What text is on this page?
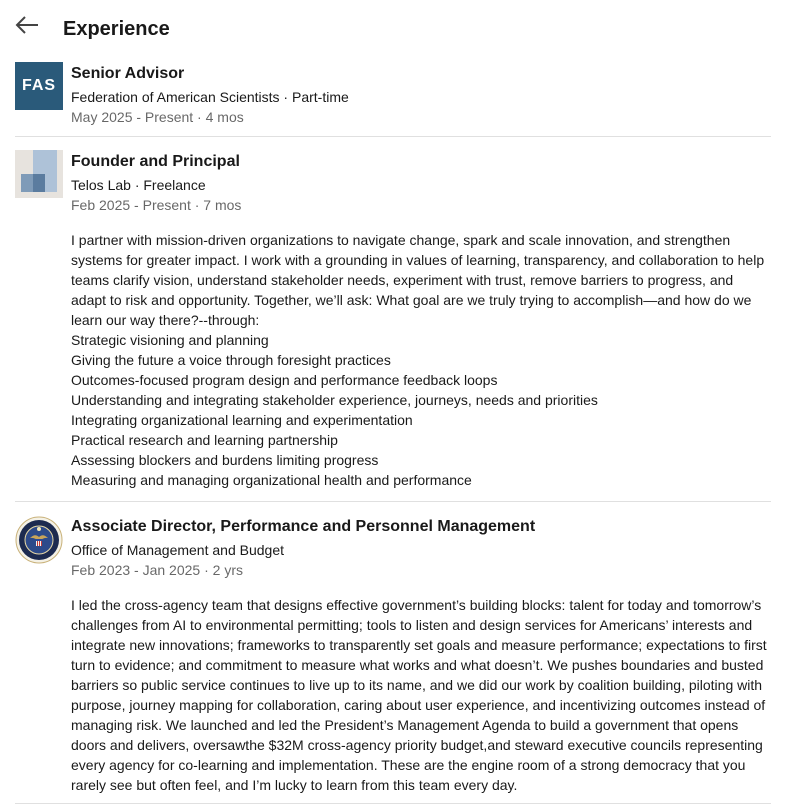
Experience
FAS
Senior Advisor
Federation of American Scientists · Part-time
May 2025 - Present · 4 mos
Founder and Principal
Telos Lab · Freelance
Feb 2025 - Present · 7 mos
I partner with mission-driven organizations to navigate change, spark and scale innovation, and strengthen systems for greater impact. I work with a grounding in values of learning, transparency, and collaboration to help teams clarify vision, understand stakeholder needs, experiment with trust, remove barriers to progress, and adapt to risk and opportunity. Together, we’ll ask: What goal are we truly trying to accomplish—and how do we learn our way there?--through:
Strategic visioning and planning
Giving the future a voice through foresight practices
Outcomes-focused program design and performance feedback loops
Understanding and integrating stakeholder experience, journeys, needs and priorities
Integrating organizational learning and experimentation
Practical research and learning partnership
Assessing blockers and burdens limiting progress
Measuring and managing organizational health and performance
Associate Director, Performance and Personnel Management
Office of Management and Budget
Feb 2023 - Jan 2025 · 2 yrs
I led the cross-agency team that designs effective government’s building blocks: talent for today and tomorrow’s challenges from AI to environmental permitting; tools to listen and design services for Americans’ interests and integrate new innovations; frameworks to transparently set goals and measure performance; expectations to first turn to evidence; and commitment to measure what works and what doesn’t. We pushes boundaries and busted barriers so public service continues to live up to its name, and we did our work by coalition building, piloting with purpose, journey mapping for collaboration, caring about user experience, and incentivizing outcomes instead of managing risk. We launched and led the President’s Management Agenda to build a government that opens doors and delivers, oversawthe $32M cross-agency priority budget,and steward executive councils representing every agency for co-learning and implementation. These are the engine room of a strong democracy that you rarely see but often feel, and I’m lucky to learn from this team every day.
